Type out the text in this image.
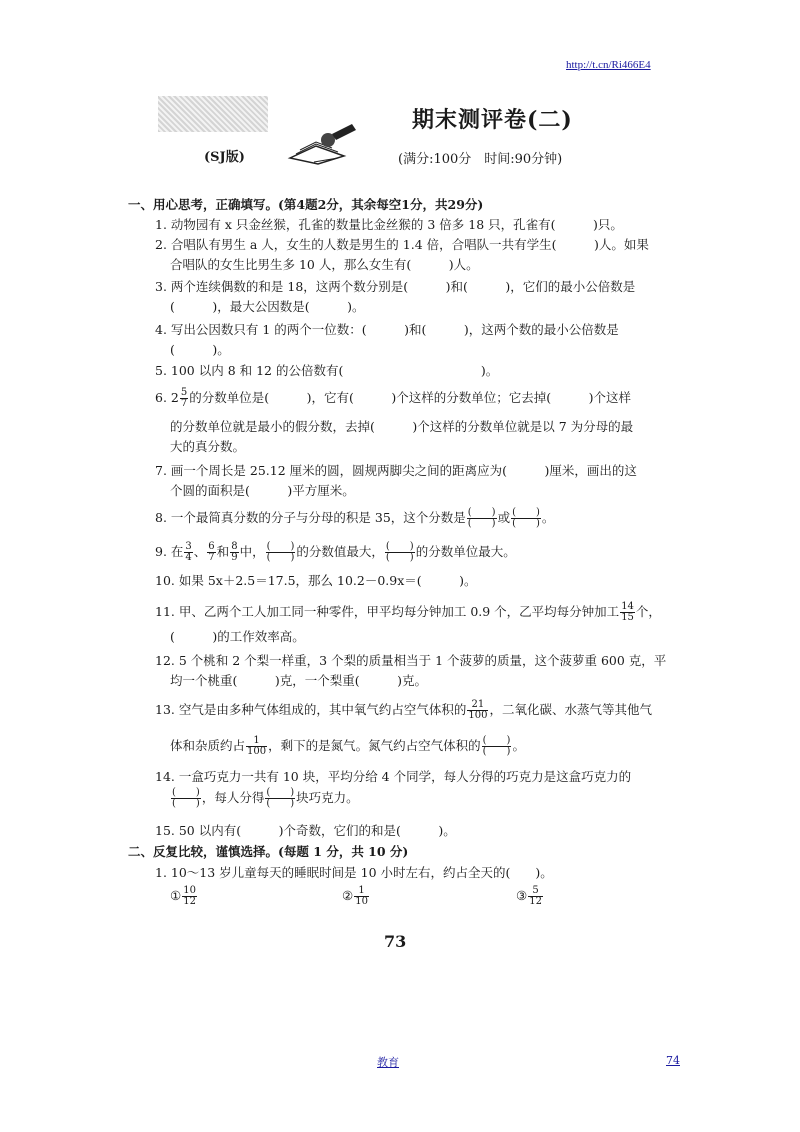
http://t.cn/Ri466E4
期末测评卷(二)
(SJ版)	(满分:100分　时间:90分钟)
一、用心思考，正确填写。(第4题2分，其余每空1分，共29分)
1. 动物园有 x 只金丝猴，孔雀的数量比金丝猴的 3 倍多 18 只，孔雀有(　　　)只。
2. 合唱队有男生 a 人，女生的人数是男生的 1.4 倍，合唱队一共有学生(　　　)人。如果
合唱队的女生比男生多 10 人，那么女生有(　　　)人。
3. 两个连续偶数的和是 18，这两个数分别是(　　　)和(　　　)，它们的最小公倍数是
(　　　)，最大公因数是(　　　)。
4. 写出公因数只有 1 的两个一位数：(　　　)和(　　　)，这两个数的最小公倍数是
(　　　)。
5. 100 以内 8 和 12 的公倍数有(　　　　　　　　　　　)。
6. $2 \frac{5}{7}$ 的分数单位是(　　　)，它有(　　　)个这样的分数单位；它去掉(　　　)个这样
的分数单位就是最小的假分数，去掉(　　　)个这样的分数单位就是以 7 为分母的最
大的真分数。
7. 画一个周长是 25.12 厘米的圆，圆规两脚尖之间的距离应为(　　　)厘米，画出的这
个圆的面积是(　　　)平方厘米。
8. 一个最简真分数的分子与分母的积是 35，这个分数是 $\frac{( )}{( )}$ 或 $\frac{( )}{( )}$ 。
9. 在 $\frac{3}{4}$ 、 $\frac{6}{7}$ 和 $\frac{8}{9}$ 中， $\frac{( )}{( )}$ 的分数值最大， $\frac{( )}{( )}$ 的分数单位最大。
10. 如果 5x＋2.5＝17.5，那么 10.2－0.9x＝(　　　)。
11. 甲、乙两个工人加工同一种零件，甲平均每分钟加工 0.9 个，乙平均每分钟加工 $\frac{14}{15}$ 个，
(　　　)的工作效率高。
12. 5 个桃和 2 个梨一样重，3 个梨的质量相当于 1 个菠萝的质量，这个菠萝重 600 克，平
均一个桃重(　　　)克，一个梨重(　　　)克。
13. 空气是由多种气体组成的，其中氧气约占空气体积的 $\frac{21}{100}$ ，二氧化碳、水蒸气等其他气
体和杂质约占 $\frac{1}{100}$ ，剩下的是氮气。氮气约占空气体积的 $\frac{( )}{( )}$ 。
14. 一盒巧克力一共有 10 块，平均分给 4 个同学，每人分得的巧克力是这盒巧克力的
$\frac{( )}{( )}$ ，每人分得 $\frac{( )}{( )}$ 块巧克力。
15. 50 以内有(　　　)个奇数，它们的和是(　　　)。
二、反复比较，谨慎选择。(每题 1 分，共 10 分)
1. 10～13 岁儿童每天的睡眠时间是 10 小时左右，约占全天的(　　)。
① $\frac{10}{12}$	② $\frac{1}{10}$	③ $\frac{5}{12}$
73
教育	74
